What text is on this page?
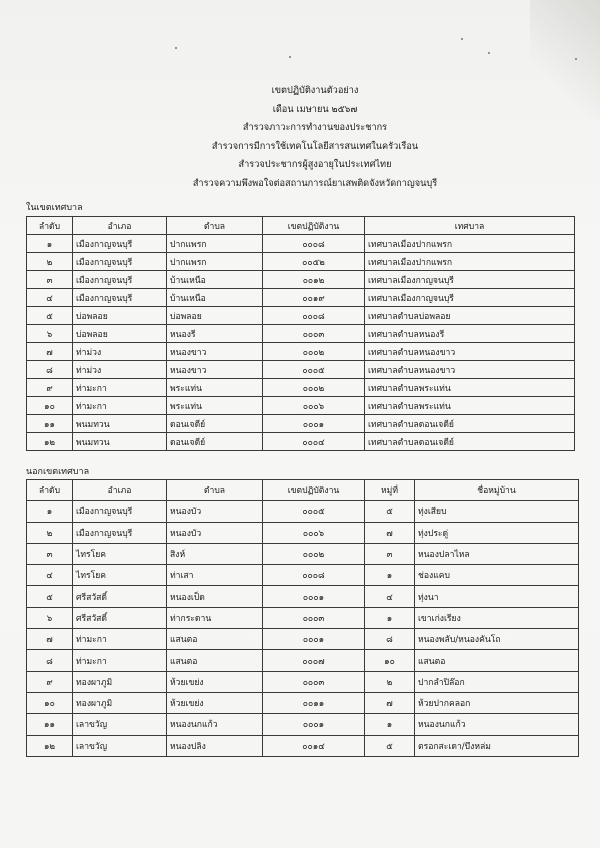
เขตปฏิบัติงานตัวอย่าง
เดือน เมษายน ๒๕๖๗
สำรวจภาวะการทำงานของประชากร
สำรวจการมีการใช้เทคโนโลยีสารสนเทศในครัวเรือน
สำรวจประชากรผู้สูงอายุในประเทศไทย
สำรวจความพึงพอใจต่อสถานการณ์ยาเสพติดจังหวัดกาญจนบุรี
ในเขตเทศบาล
ลำดับ	อำเภอ	ตำบล	เขตปฏิบัติงาน	เทศบาล
๑	เมืองกาญจนบุรี	ปากแพรก	๐๐๐๘	เทศบาลเมืองปากแพรก
๒	เมืองกาญจนบุรี	ปากแพรก	๐๐๕๒	เทศบาลเมืองปากแพรก
๓	เมืองกาญจนบุรี	บ้านเหนือ	๐๐๑๒	เทศบาลเมืองกาญจนบุรี
๔	เมืองกาญจนบุรี	บ้านเหนือ	๐๐๑๙	เทศบาลเมืองกาญจนบุรี
๕	บ่อพลอย	บ่อพลอย	๐๐๐๘	เทศบาลตำบลบ่อพลอย
๖	บ่อพลอย	หนองรี	๐๐๐๓	เทศบาลตำบลหนองรี
๗	ท่าม่วง	หนองขาว	๐๐๐๒	เทศบาลตำบลหนองขาว
๘	ท่าม่วง	หนองขาว	๐๐๐๕	เทศบาลตำบลหนองขาว
๙	ท่ามะกา	พระแท่น	๐๐๐๒	เทศบาลตำบลพระแท่น
๑๐	ท่ามะกา	พระแท่น	๐๐๐๖	เทศบาลตำบลพระแท่น
๑๑	พนมทวน	ดอนเจดีย์	๐๐๐๑	เทศบาลตำบลดอนเจดีย์
๑๒	พนมทวน	ดอนเจดีย์	๐๐๐๔	เทศบาลตำบลดอนเจดีย์
นอกเขตเทศบาล
ลำดับ	อำเภอ	ตำบล	เขตปฏิบัติงาน	หมู่ที่	ชื่อหมู่บ้าน
๑	เมืองกาญจนบุรี	หนองบัว	๐๐๐๕	๕	ทุ่งเสียบ
๒	เมืองกาญจนบุรี	หนองบัว	๐๐๐๖	๗	ทุ่งประดู่
๓	ไทรโยค	สิงห์	๐๐๐๒	๓	หนองปลาไหล
๔	ไทรโยค	ท่าเสา	๐๐๐๘	๑	ช่องแคบ
๕	ศรีสวัสดิ์	หนองเป็ด	๐๐๐๑	๔	ทุ่งนา
๖	ศรีสวัสดิ์	ท่ากระดาน	๐๐๐๓	๑	เขาเก่งเรียง
๗	ท่ามะกา	แสนตอ	๐๐๐๑	๘	หนองพลับ/หนองคันโถ
๘	ท่ามะกา	แสนตอ	๐๐๐๗	๑๐	แสนตอ
๙	ทองผาภูมิ	ห้วยเขย่ง	๐๐๐๓	๒	ปากลำปิล๊อก
๑๐	ทองผาภูมิ	ห้วยเขย่ง	๐๐๑๑	๗	ห้วยปากคลอก
๑๑	เลาขวัญ	หนองนกแก้ว	๐๐๐๑	๑	หนองนกแก้ว
๑๒	เลาขวัญ	หนองปลิง	๐๐๑๔	๕	ตรอกสะเดา/บึงหล่ม
